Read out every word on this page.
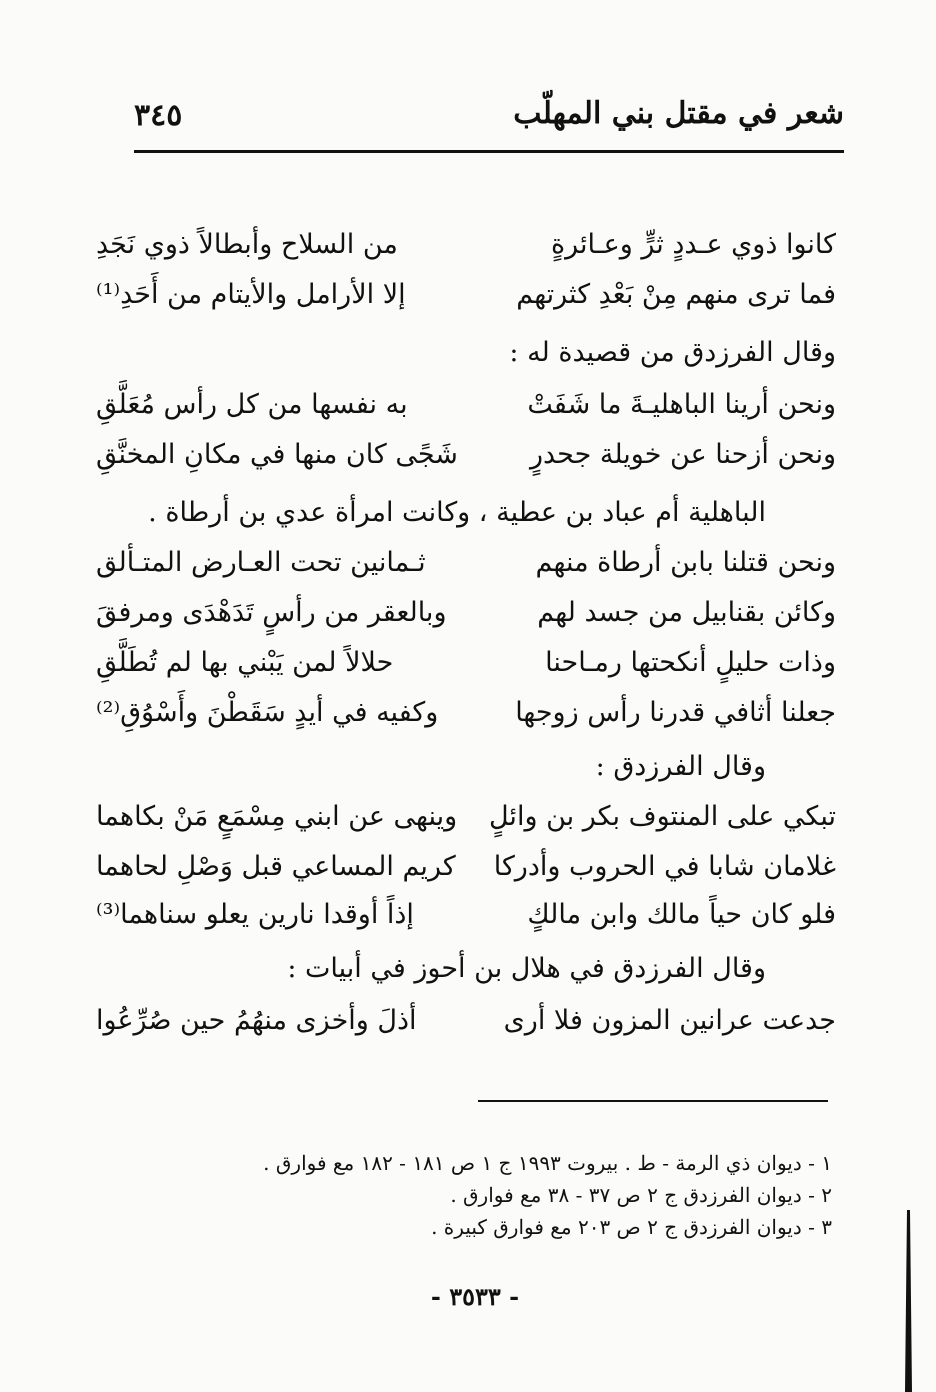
شعر في مقتل بني المهلّب
٣٤٥
كانوا ذوي عـددٍ ثرٍّ وعـائرةٍ
من السلاح وأبطالاً ذوي نَجَدِ
فما ترى منهم مِنْ بَعْدِ كثرتهم
إلا الأرامل والأيتام من أَحَدِ⁽¹⁾
وقال الفرزدق من قصيدة له :
ونحن أرينا الباهليـةَ ما شَفَتْ
به نفسها من كل رأس مُعَلَّقِ
ونحن أزحنا عن خويلة جحدرٍ
شَجًى كان منها في مكانِ المخنَّقِ
الباهلية أم عباد بن عطية ، وكانت امرأة عدي بن أرطاة .
ونحن قتلنا بابن أرطاة منهم
ثـمانين تحت العـارض المتـألق
وكائن بقنابيل من جسد لهم
وبالعقر من رأسٍ تَدَهْدَى ومرفقَ
وذات حليلٍ أنكحتها رمـاحنا
حلالاً لمن يَبْني بها لم تُطَلَّقِ
جعلنا أثافي قدرنا رأس زوجها
وكفيه في أيدٍ سَقَطْنَ وأَسْوُقِ⁽²⁾
وقال الفرزدق :
تبكي على المنتوف بكر بن وائلٍ
وينهى عن ابني مِسْمَعٍ مَنْ بكاهما
غلامان شابا في الحروب وأدركا
كريم المساعي قبل وَصْلِ لحاهما
فلو كان حياً مالك وابن مالكٍ
إذاً أوقدا نارين يعلو سناهما⁽³⁾
وقال الفرزدق في هلال بن أحوز في أبيات :
جدعت عرانين المزون فلا أرى
أذلَ وأخزى منهُمُ حين صُرِّعُوا
١ - ديوان ذي الرمة - ط . بيروت ١٩٩٣ ج ١ ص ١٨١ - ١٨٢ مع فوارق .
٢ - ديوان الفرزدق ج ٢ ص ٣٧ - ٣٨ مع فوارق .
٣ - ديوان الفرزدق ج ٢ ص ٢٠٣ مع فوارق كبيرة .
- ٣٥٣٣ -
